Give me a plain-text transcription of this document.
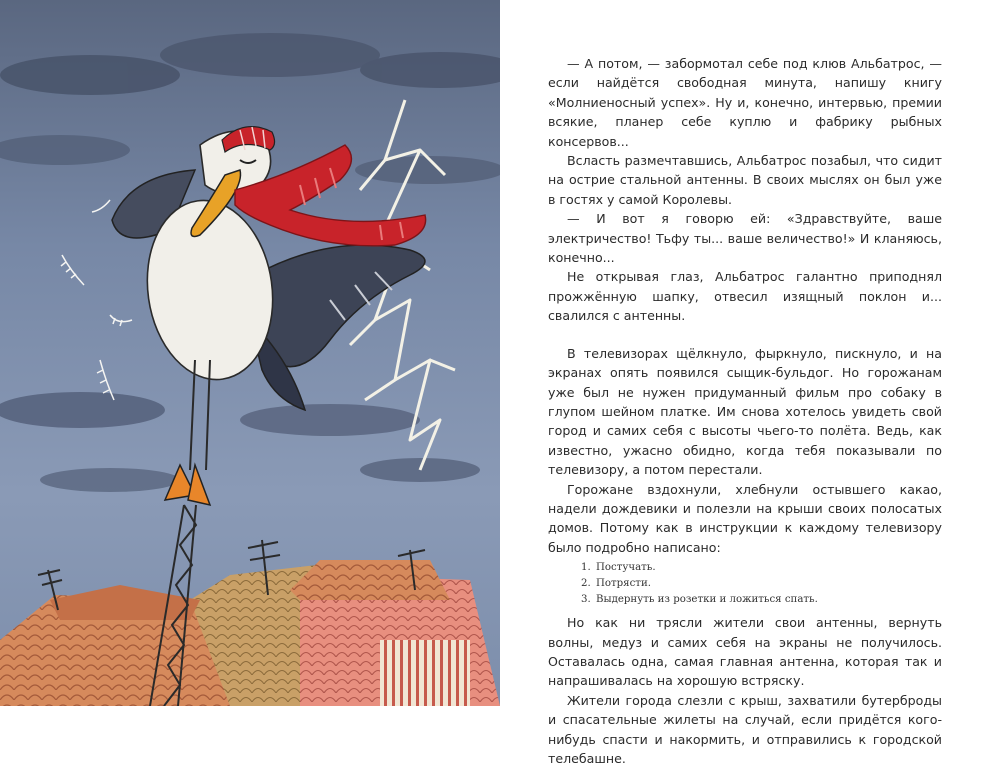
— А потом, — забормотал себе под клюв Альбатрос, — если найдётся свободная минута, напишу книгу «Молниеносный успех». Ну и, конечно, интервью, премии всякие, планер себе куплю и фабрику рыбных консервов...

Всласть размечтавшись, Альбатрос позабыл, что сидит на острие стальной антенны. В своих мыслях он был уже в гостях у самой Королевы.

— И вот я говорю ей: «Здравствуйте, ваше электричество! Тьфу ты... ваше величество!» И кланяюсь, конечно...

Не открывая глаз, Альбатрос галантно приподнял прожжённую шапку, отвесил изящный поклон и... свалился с антенны.

В телевизорах щёлкнуло, фыркнуло, пискнуло, и на экранах опять появился сыщик-бульдог. Но горожанам уже был не нужен придуманный фильм про собаку в глупом шейном платке. Им снова хотелось увидеть свой город и самих себя с высоты чьего-то полёта. Ведь, как известно, ужасно обидно, когда тебя показывали по телевизору, а потом перестали.

Горожане вздохнули, хлебнули остывшего какао, надели дождевики и полезли на крыши своих полосатых домов. Потому как в инструкции к каждому телевизору было подробно написано:

1. Постучать.
2. Потрясти.
3. Выдернуть из розетки и ложиться спать.

Но как ни трясли жители свои антенны, вернуть волны, медуз и самих себя на экраны не получилось. Оставалась одна, самая главная антенна, которая так и напрашивалась на хорошую встряску.

Жители города слезли с крыш, захватили бутерброды и спасательные жилеты на случай, если придётся кого-нибудь спасти и накормить, и отправились к городской телебашне.
